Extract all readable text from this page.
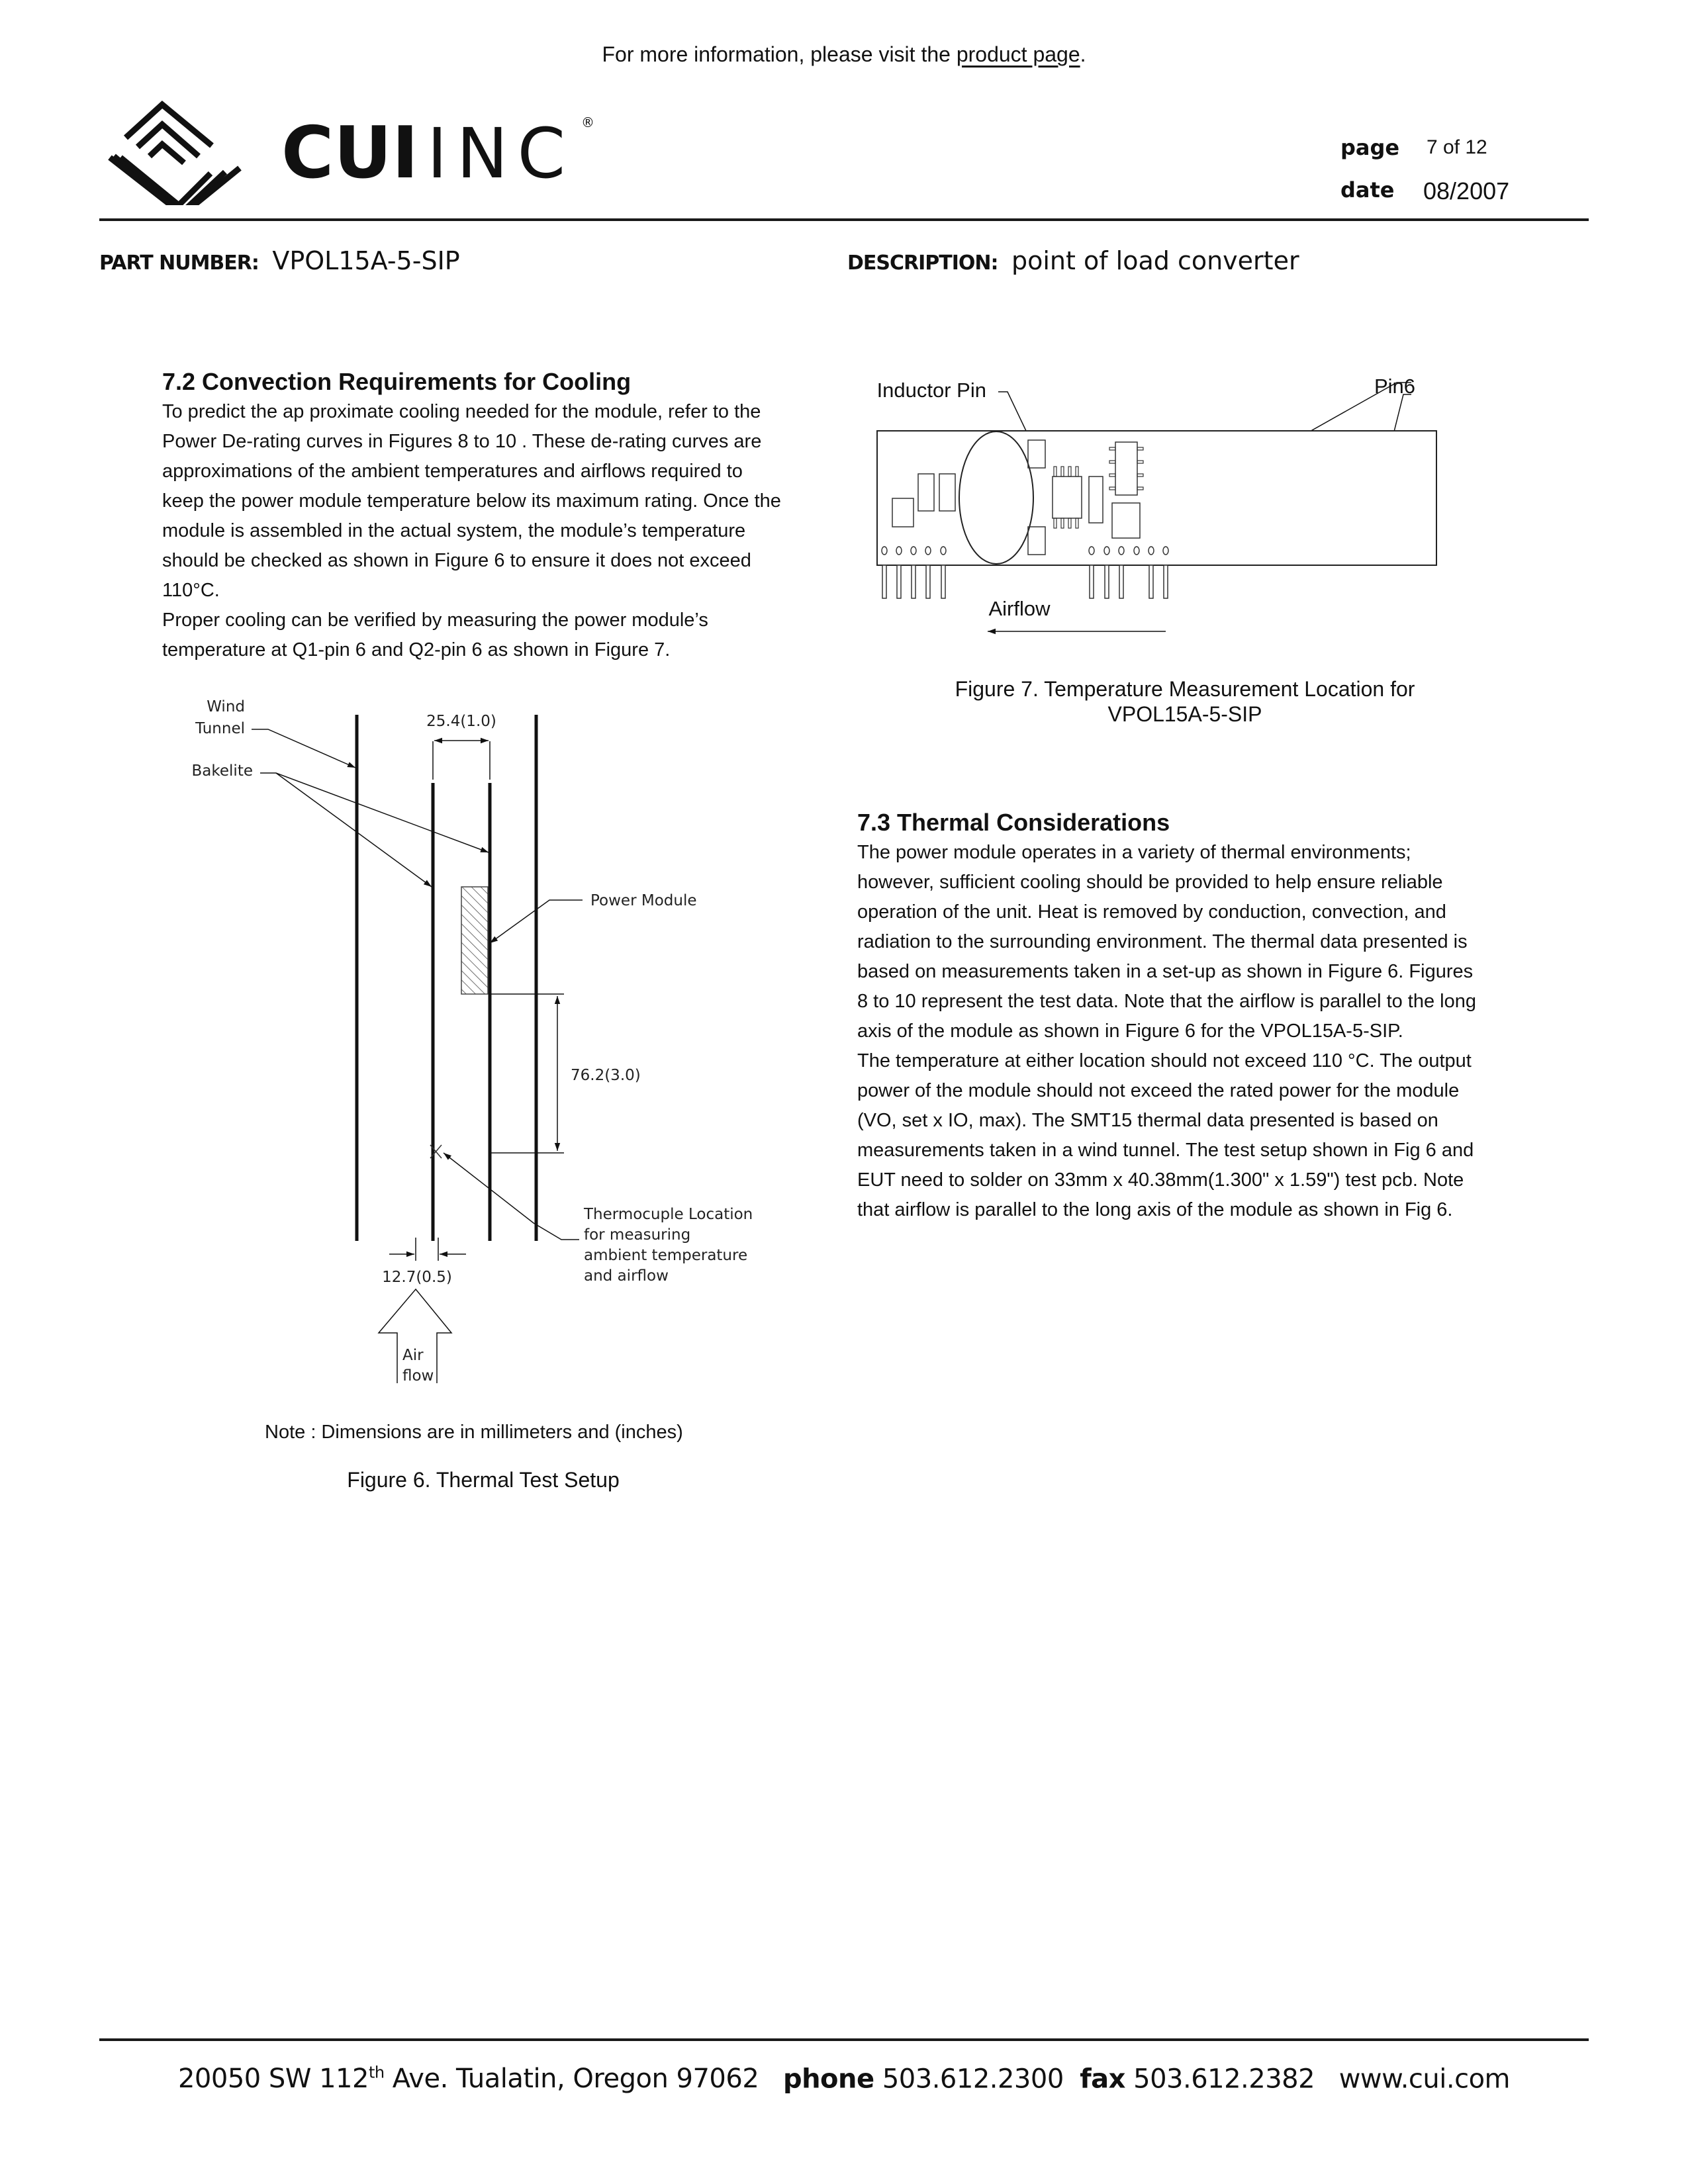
For more information, please visit the product page.
CUI INC ®
page 7 of 12
date 08/2007
PART NUMBER: VPOL15A-5-SIP	DESCRIPTION: point of load converter
7.2 Convection Requirements for Cooling
To predict the ap proximate cooling needed for the module, refer to the
Power De-rating curves in Figures 8 to 10 . These de-rating curves are
approximations of the ambient temperatures and airflows required to
keep the power module temperature below its maximum rating. Once the
module is assembled in the actual system, the module’s temperature
should be checked as shown in Figure 6 to ensure it does not exceed
110°C.
Proper cooling can be verified by measuring the power module’s
temperature at Q1-pin 6 and Q2-pin 6 as shown in Figure 7.
25.4(1.0)
Wind
Tunnel
Bakelite
Power Module
76.2(3.0)
Thermocuple Location
for measuring
ambient temperature
and airflow
12.7(0.5)
Air
flow
Note : Dimensions are in millimeters and (inches)
Figure 6. Thermal Test Setup
Inductor Pin	Pin6
Airflow
Figure 7. Temperature Measurement Location for
VPOL15A-5-SIP
7.3 Thermal Considerations
The power module operates in a variety of thermal environments;
however, sufficient cooling should be provided to help ensure reliable
operation of the unit. Heat is removed by conduction, convection, and
radiation to the surrounding environment. The thermal data presented is
based on measurements taken in a set-up as shown in Figure 6. Figures
8 to 10 represent the test data. Note that the airflow is parallel to the long
axis of the module as shown in Figure 6 for the VPOL15A-5-SIP.
The temperature at either location should not exceed 110 °C. The output
power of the module should not exceed the rated power for the module
(VO, set x IO, max). The SMT15 thermal data presented is based on
measurements taken in a wind tunnel. The test setup shown in Fig 6 and
EUT need to solder on 33mm x 40.38mm(1.300" x 1.59") test pcb. Note
that airflow is parallel to the long axis of the module as shown in Fig 6.
20050 SW 112th Ave. Tualatin, Oregon 97062 phone 503.612.2300 fax 503.612.2382 www.cui.com
